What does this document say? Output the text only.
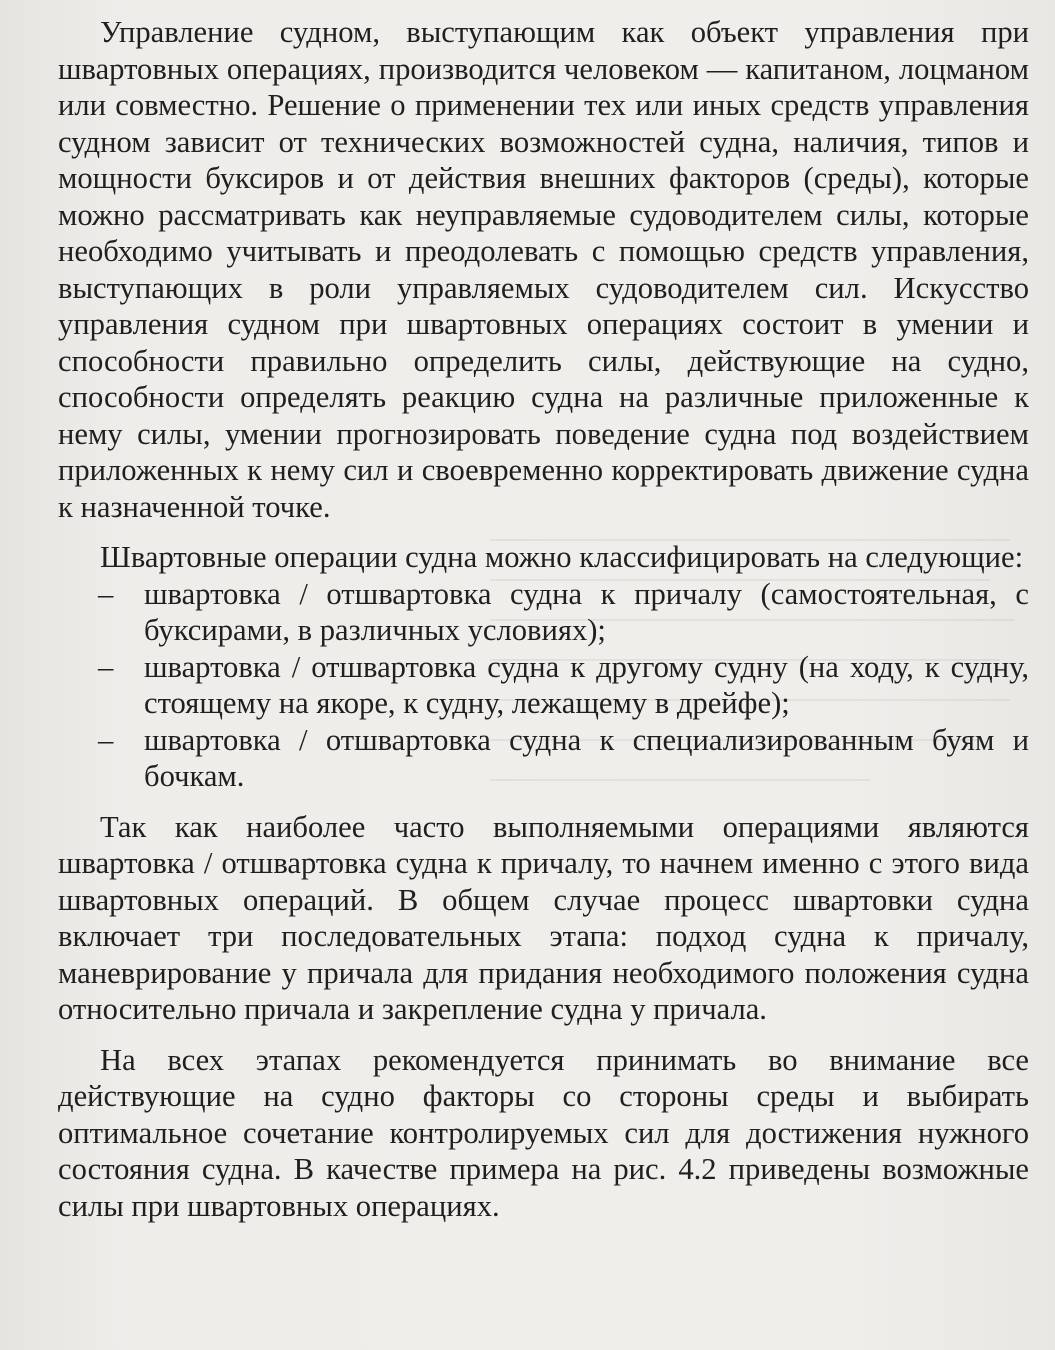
Управление судном, выступающим как объект управления при швартовных операциях, производится человеком — капитаном, лоцманом или совместно. Решение о применении тех или иных средств управления судном зависит от технических возможностей судна, наличия, типов и мощности буксиров и от действия внешних факторов (среды), которые можно рассматривать как неуправляемые судоводителем силы, которые необходимо учитывать и преодолевать с помощью средств управления, выступающих в роли управляемых судоводителем сил. Искусство управления судном при швартовных операциях состоит в умении и способности правильно определить силы, действующие на судно, способности определять реакцию судна на различные приложенные к нему силы, умении прогнозировать поведение судна под воздействием приложенных к нему сил и своевременно корректировать движение судна к назначенной точке.

Швартовные операции судна можно классифицировать на следующие:

– швартовка / отшвартовка судна к причалу (самостоятельная, с буксирами, в различных условиях);
– швартовка / отшвартовка судна к другому судну (на ходу, к судну, стоящему на якоре, к судну, лежащему в дрейфе);
– швартовка / отшвартовка судна к специализированным буям и бочкам.

Так как наиболее часто выполняемыми операциями являются швартовка / отшвартовка судна к причалу, то начнем именно с этого вида швартовных операций. В общем случае процесс швартовки судна включает три последовательных этапа: подход судна к причалу, маневрирование у причала для придания необходимого положения судна относительно причала и закрепление судна у причала.

На всех этапах рекомендуется принимать во внимание все действующие на судно факторы со стороны среды и выбирать оптимальное сочетание контролируемых сил для достижения нужного состояния судна. В качестве примера на рис. 4.2 приведены возможные силы при швартовных операциях.
